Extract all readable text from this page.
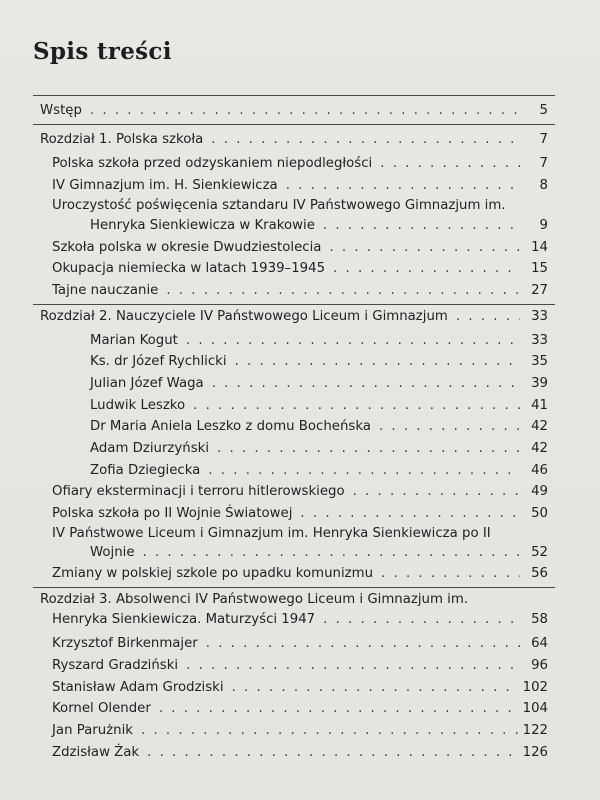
Spis treści
Wstęp . . .	5
Rozdział 1. Polska szkoła . . .	7
Polska szkoła przed odzyskaniem niepodległości . . .	7
IV Gimnazjum im. H. Sienkiewicza . . .	8
Uroczystość poświęcenia sztandaru IV Państwowego Gimnazjum im.
Henryka Sienkiewicza w Krakowie . . .	9
Szkoła polska w okresie Dwudziestolecia . . .	14
Okupacja niemiecka w latach 1939–1945 . . .	15
Tajne nauczanie . . .	27
Rozdział 2. Nauczyciele IV Państwowego Liceum i Gimnazjum . . .	33
Marian Kogut . . .	33
Ks. dr Józef Rychlicki . . .	35
Julian Józef Waga . . .	39
Ludwik Leszko . . .	41
Dr Maria Aniela Leszko z domu Bocheńska . . .	42
Adam Dziurzyński . . .	42
Zofia Dziegiecka . . .	46
Ofiary eksterminacji i terroru hitlerowskiego . . .	49
Polska szkoła po II Wojnie Światowej . . .	50
IV Państwowe Liceum i Gimnazjum im. Henryka Sienkiewicza po II
Wojnie . . .	52
Zmiany w polskiej szkole po upadku komunizmu . . .	56
Rozdział 3. Absolwenci IV Państwowego Liceum i Gimnazjum im.
Henryka Sienkiewicza. Maturzyści 1947 . . .	58
Krzysztof Birkenmajer . . .	64
Ryszard Gradziński . . .	96
Stanisław Adam Grodziski . . .	102
Kornel Olender . . .	104
Jan Parużnik . . .	122
Zdzisław Żak . . .	126
